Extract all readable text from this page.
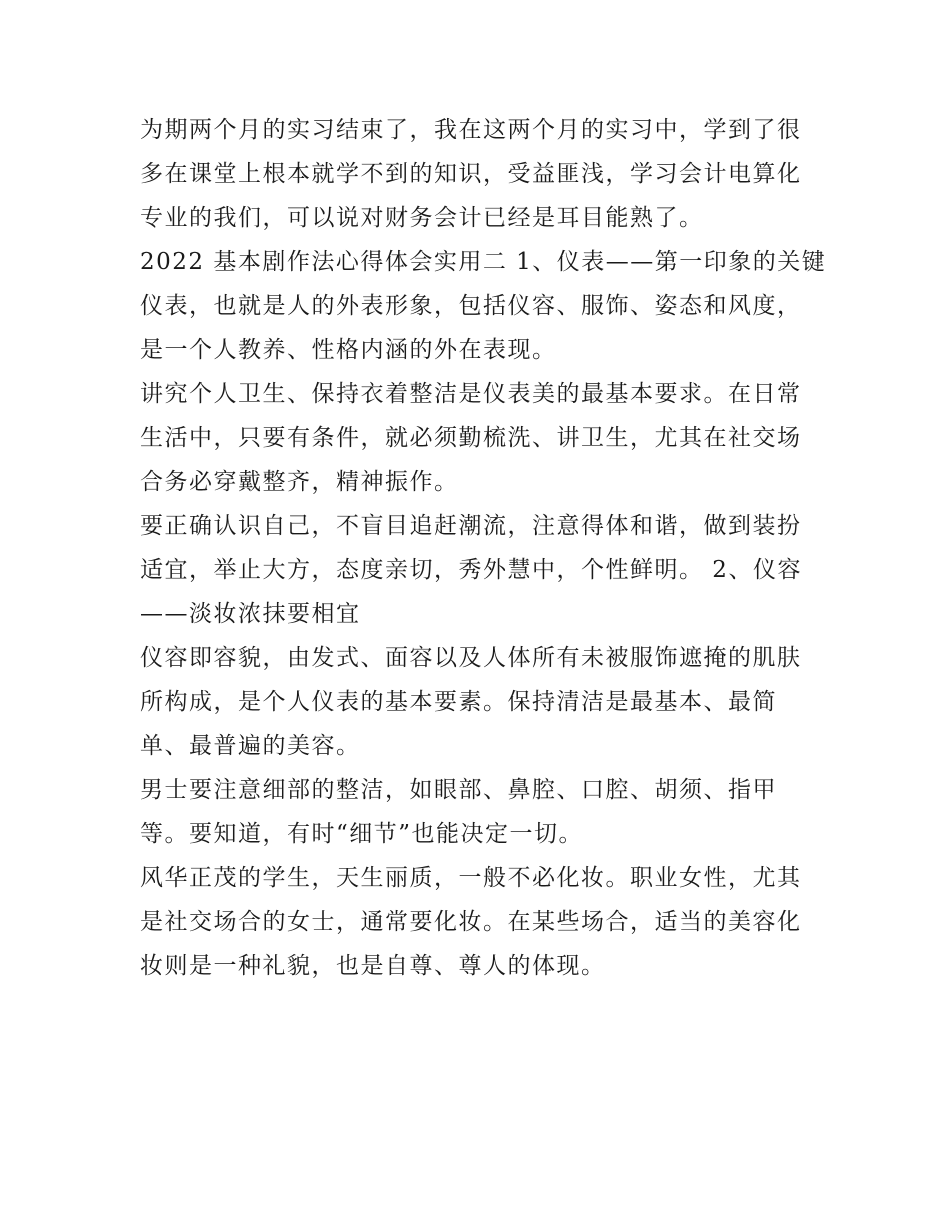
为期两个月的实习结束了，我在这两个月的实习中，学到了很
多在课堂上根本就学不到的知识，受益匪浅，学习会计电算化
专业的我们，可以说对财务会计已经是耳目能熟了。

2022 基本剧作法心得体会实用二 1、仪表——第一印象的关键
仪表，也就是人的外表形象，包括仪容、服饰、姿态和风度，
是一个人教养、性格内涵的外在表现。

讲究个人卫生、保持衣着整洁是仪表美的最基本要求。在日常
生活中，只要有条件，就必须勤梳洗、讲卫生，尤其在社交场
合务必穿戴整齐，精神振作。

要正确认识自己，不盲目追赶潮流，注意得体和谐，做到装扮
适宜，举止大方，态度亲切，秀外慧中，个性鲜明。 2、仪容
——淡妆浓抹要相宜

仪容即容貌，由发式、面容以及人体所有未被服饰遮掩的肌肤
所构成，是个人仪表的基本要素。保持清洁是最基本、最简
单、最普遍的美容。

男士要注意细部的整洁，如眼部、鼻腔、口腔、胡须、指甲
等。要知道，有时“细节”也能决定一切。

风华正茂的学生，天生丽质，一般不必化妆。职业女性，尤其
是社交场合的女士，通常要化妆。在某些场合，适当的美容化
妆则是一种礼貌，也是自尊、尊人的体现。
